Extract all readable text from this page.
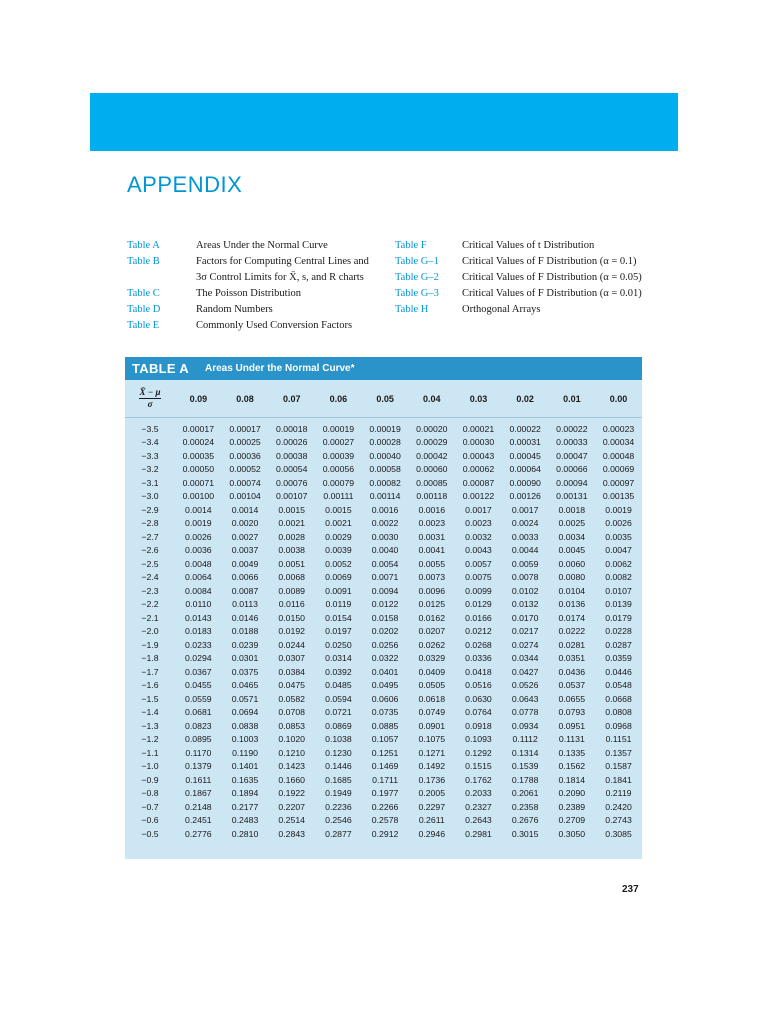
APPENDIX
Table A	Areas Under the Normal Curve
Table B	Factors for Computing Central Lines and
3σ Control Limits for X̄, s, and R charts
Table C	The Poisson Distribution
Table D	Random Numbers
Table E	Commonly Used Conversion Factors
Table F	Critical Values of t Distribution
Table G–1	Critical Values of F Distribution (α = 0.1)
Table G–2	Critical Values of F Distribution (α = 0.05)
Table G–3	Critical Values of F Distribution (α = 0.01)
Table H	Orthogonal Arrays
TABLE A Areas Under the Normal Curve*
$\frac{X̄ - \mu}{\sigma}$	0.09	0.08	0.07	0.06	0.05	0.04	0.03	0.02	0.01	0.00
−3.5	0.00017	0.00017	0.00018	0.00019	0.00019	0.00020	0.00021	0.00022	0.00022	0.00023
−3.4	0.00024	0.00025	0.00026	0.00027	0.00028	0.00029	0.00030	0.00031	0.00033	0.00034
−3.3	0.00035	0.00036	0.00038	0.00039	0.00040	0.00042	0.00043	0.00045	0.00047	0.00048
−3.2	0.00050	0.00052	0.00054	0.00056	0.00058	0.00060	0.00062	0.00064	0.00066	0.00069
−3.1	0.00071	0.00074	0.00076	0.00079	0.00082	0.00085	0.00087	0.00090	0.00094	0.00097
−3.0	0.00100	0.00104	0.00107	0.00111	0.00114	0.00118	0.00122	0.00126	0.00131	0.00135
−2.9	0.0014	0.0014	0.0015	0.0015	0.0016	0.0016	0.0017	0.0017	0.0018	0.0019
−2.8	0.0019	0.0020	0.0021	0.0021	0.0022	0.0023	0.0023	0.0024	0.0025	0.0026
−2.7	0.0026	0.0027	0.0028	0.0029	0.0030	0.0031	0.0032	0.0033	0.0034	0.0035
−2.6	0.0036	0.0037	0.0038	0.0039	0.0040	0.0041	0.0043	0.0044	0.0045	0.0047
−2.5	0.0048	0.0049	0.0051	0.0052	0.0054	0.0055	0.0057	0.0059	0.0060	0.0062
−2.4	0.0064	0.0066	0.0068	0.0069	0.0071	0.0073	0.0075	0.0078	0.0080	0.0082
−2.3	0.0084	0.0087	0.0089	0.0091	0.0094	0.0096	0.0099	0.0102	0.0104	0.0107
−2.2	0.0110	0.0113	0.0116	0.0119	0.0122	0.0125	0.0129	0.0132	0.0136	0.0139
−2.1	0.0143	0.0146	0.0150	0.0154	0.0158	0.0162	0.0166	0.0170	0.0174	0.0179
−2.0	0.0183	0.0188	0.0192	0.0197	0.0202	0.0207	0.0212	0.0217	0.0222	0.0228
−1.9	0.0233	0.0239	0.0244	0.0250	0.0256	0.0262	0.0268	0.0274	0.0281	0.0287
−1.8	0.0294	0.0301	0.0307	0.0314	0.0322	0.0329	0.0336	0.0344	0.0351	0.0359
−1.7	0.0367	0.0375	0.0384	0.0392	0.0401	0.0409	0.0418	0.0427	0.0436	0.0446
−1.6	0.0455	0.0465	0.0475	0.0485	0.0495	0.0505	0.0516	0.0526	0.0537	0.0548
−1.5	0.0559	0.0571	0.0582	0.0594	0.0606	0.0618	0.0630	0.0643	0.0655	0.0668
−1.4	0.0681	0.0694	0.0708	0.0721	0.0735	0.0749	0.0764	0.0778	0.0793	0.0808
−1.3	0.0823	0.0838	0.0853	0.0869	0.0885	0.0901	0.0918	0.0934	0.0951	0.0968
−1.2	0.0895	0.1003	0.1020	0.1038	0.1057	0.1075	0.1093	0.1112	0.1131	0.1151
−1.1	0.1170	0.1190	0.1210	0.1230	0.1251	0.1271	0.1292	0.1314	0.1335	0.1357
−1.0	0.1379	0.1401	0.1423	0.1446	0.1469	0.1492	0.1515	0.1539	0.1562	0.1587
−0.9	0.1611	0.1635	0.1660	0.1685	0.1711	0.1736	0.1762	0.1788	0.1814	0.1841
−0.8	0.1867	0.1894	0.1922	0.1949	0.1977	0.2005	0.2033	0.2061	0.2090	0.2119
−0.7	0.2148	0.2177	0.2207	0.2236	0.2266	0.2297	0.2327	0.2358	0.2389	0.2420
−0.6	0.2451	0.2483	0.2514	0.2546	0.2578	0.2611	0.2643	0.2676	0.2709	0.2743
−0.5	0.2776	0.2810	0.2843	0.2877	0.2912	0.2946	0.2981	0.3015	0.3050	0.3085
237
